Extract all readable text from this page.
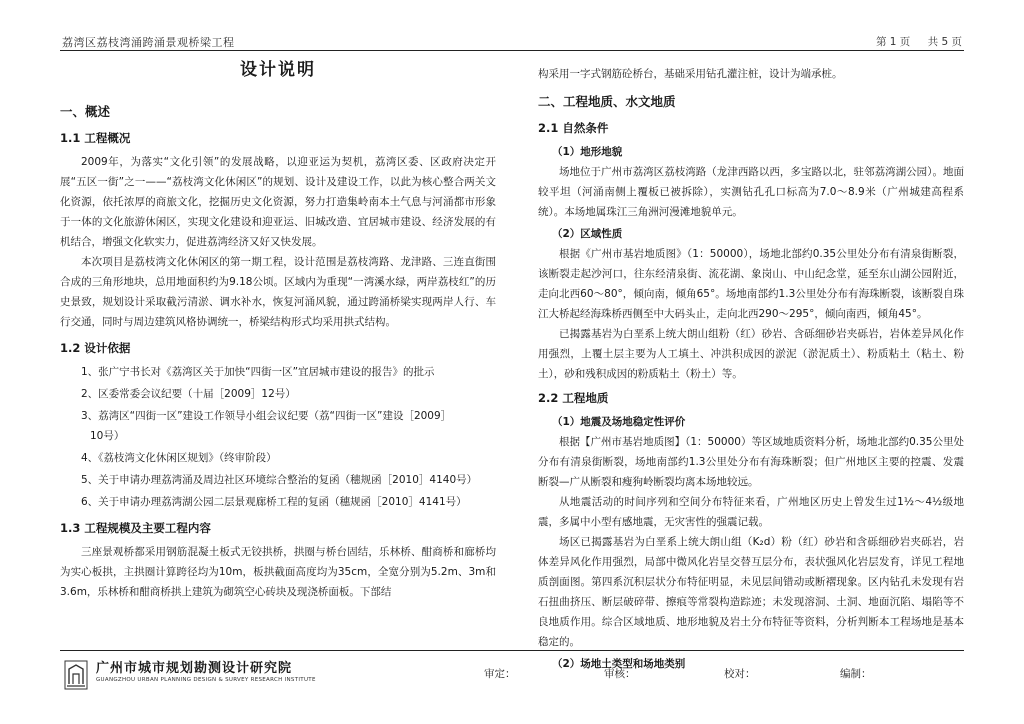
荔湾区荔枝湾涌跨涌景观桥梁工程	第 1 页 共 5 页
设计说明
一、概述
1.1 工程概况

2009年，为落实“文化引领”的发展战略，以迎亚运为契机，荔湾区委、区政府决定开展“五区一街”之一——“荔枝湾文化休闲区”的规划、设计及建设工作，以此为核心整合两关文化资源，依托浓厚的商旅文化，挖掘历史文化资源，努力打造集岭南本土气息与河涌都市形象于一体的文化旅游休闲区，实现文化建设和迎亚运、旧城改造、宜居城市建设、经济发展的有机结合，增强文化软实力，促进荔湾经济又好又快发展。

本次项目是荔枝湾文化休闲区的第一期工程，设计范围是荔枝湾路、龙津路、三连直街围合成的三角形地块，总用地面积约为9.18公顷。区域内为重现“一湾溪水绿，两岸荔枝红”的历史景致，规划设计采取截污清淤、调水补水，恢复河涌风貌，通过跨涌桥梁实现两岸人行、车行交通，同时与周边建筑风格协调统一，桥梁结构形式均采用拱式结构。

1.2 设计依据
1、张广宁书长对《荔湾区关于加快“四街一区”宜居城市建设的报告》的批示
2、区委常委会议纪要（十届［2009］12号）
3、荔湾区“四街一区”建设工作领导小组会议纪要（荔“四街一区”建设［2009］
10号）
4、《荔枝湾文化休闲区规划》（终审阶段）
5、关于申请办理荔湾涌及周边社区环境综合整治的复函（穗规函［2010］4140号）
6、关于申请办理荔湾湖公园二层景观廊桥工程的复函（穗规函［2010］4141号）
1.3 工程规模及主要工程内容

三座景观桥都采用钢筋混凝土板式无铰拱桥，拱圈与桥台固结，乐林桥、酣商桥和廊桥均为实心板拱，主拱圈计算跨径均为10m，板拱截面高度均为35cm，全宽分别为5.2m、3m和3.6m，乐林桥和酣商桥拱上建筑为砌筑空心砖块及现浇桥面板。下部结

构采用一字式钢筋砼桥台，基础采用钻孔灌注桩，设计为端承桩。

二、工程地质、水文地质
2.1 自然条件
（1）地形地貌

场地位于广州市荔湾区荔枝湾路（龙津西路以西，多宝路以北，驻邻荔湾湖公园）。地面较平坦（河涌南侧上覆板已被拆除），实测钻孔孔口标高为7.0～8.9米（广州城建高程系统）。本场地属珠江三角洲河漫滩地貌单元。

（2）区域性质

根据《广州市基岩地质图》（1：50000），场地北部约0.35公里处分布有清泉街断裂，该断裂走起沙河口，往东经清泉街、流花湖、象岗山、中山纪念堂，延至东山湖公园附近，走向北西60～80°，倾向南，倾角65°。场地南部约1.3公里处分布有海珠断裂，该断裂自珠江大桥起经海珠桥西侧至中大码头止，走向北西290～295°，倾向南西，倾角45°。

已揭露基岩为白垩系上统大朗山组粉（红）砂岩、含砾细砂岩夹砾岩，岩体差异风化作用强烈，上覆土层主要为人工填土、冲洪积成因的淤泥（淤泥质土）、粉质粘土（粘土、粉土），砂和残积成因的粉质粘土（粉土）等。

2.2 工程地质
（1）地震及场地稳定性评价

根据【广州市基岩地质图】（1：50000）等区域地质资料分析，场地北部约0.35公里处分布有清泉街断裂，场地南部约1.3公里处分布有海珠断裂；但广州地区主要的控震、发震断裂—广从断裂和瘦狗岭断裂均离本场地较远。

从地震活动的时间序列和空间分布特征来看，广州地区历史上曾发生过1½～4½级地震，多属中小型有感地震，无灾害性的强震记载。

场区已揭露基岩为白垩系上统大朗山组（K₂d）粉（红）砂岩和含砾细砂岩夹砾岩，岩体差异风化作用强烈，局部中微风化岩呈交替互层分布，表状强风化岩层发育，详见工程地质剖面图。第四系沉积层状分布特征明显，未见层间错动或断褶现象。区内钻孔未发现有岩石扭曲挤压、断层破碎带、擦痕等常裂构造踪迹；未发现溶洞、土洞、地面沉陷、塌陷等不良地质作用。综合区域地质、地形地貌及岩土分布特征等资料，分析判断本工程场地是基本稳定的。

（2）场地土类型和场地类别
广州市城市规划勘测设计研究院
GUANGZHOU URBAN PLANNING DESIGN & SURVEY RESEARCH INSTITUTE	审定：	审核：	校对：	编制：
